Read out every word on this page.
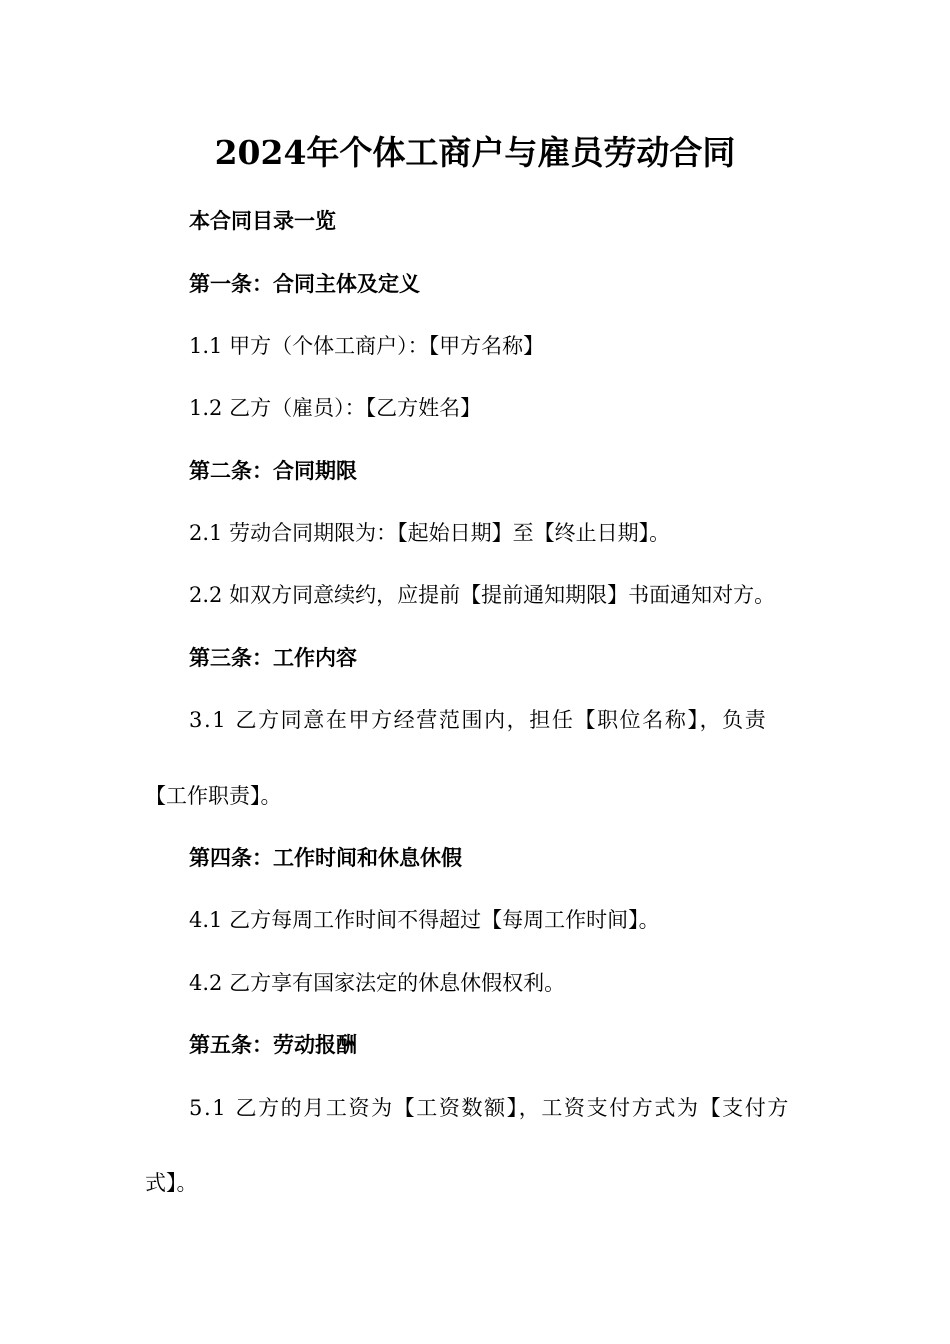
2024年个体工商户与雇员劳动合同
本合同目录一览
第一条：合同主体及定义
1.1 甲方（个体工商户）：【甲方名称】
1.2 乙方（雇员）：【乙方姓名】
第二条：合同期限
2.1 劳动合同期限为：【起始日期】至【终止日期】。
2.2 如双方同意续约，应提前【提前通知期限】书面通知对方。
第三条：工作内容
3.1 乙方同意在甲方经营范围内，担任【职位名称】，负责
【工作职责】。
第四条：工作时间和休息休假
4.1 乙方每周工作时间不得超过【每周工作时间】。
4.2 乙方享有国家法定的休息休假权利。
第五条：劳动报酬
5.1 乙方的月工资为【工资数额】，工资支付方式为【支付方
式】。
